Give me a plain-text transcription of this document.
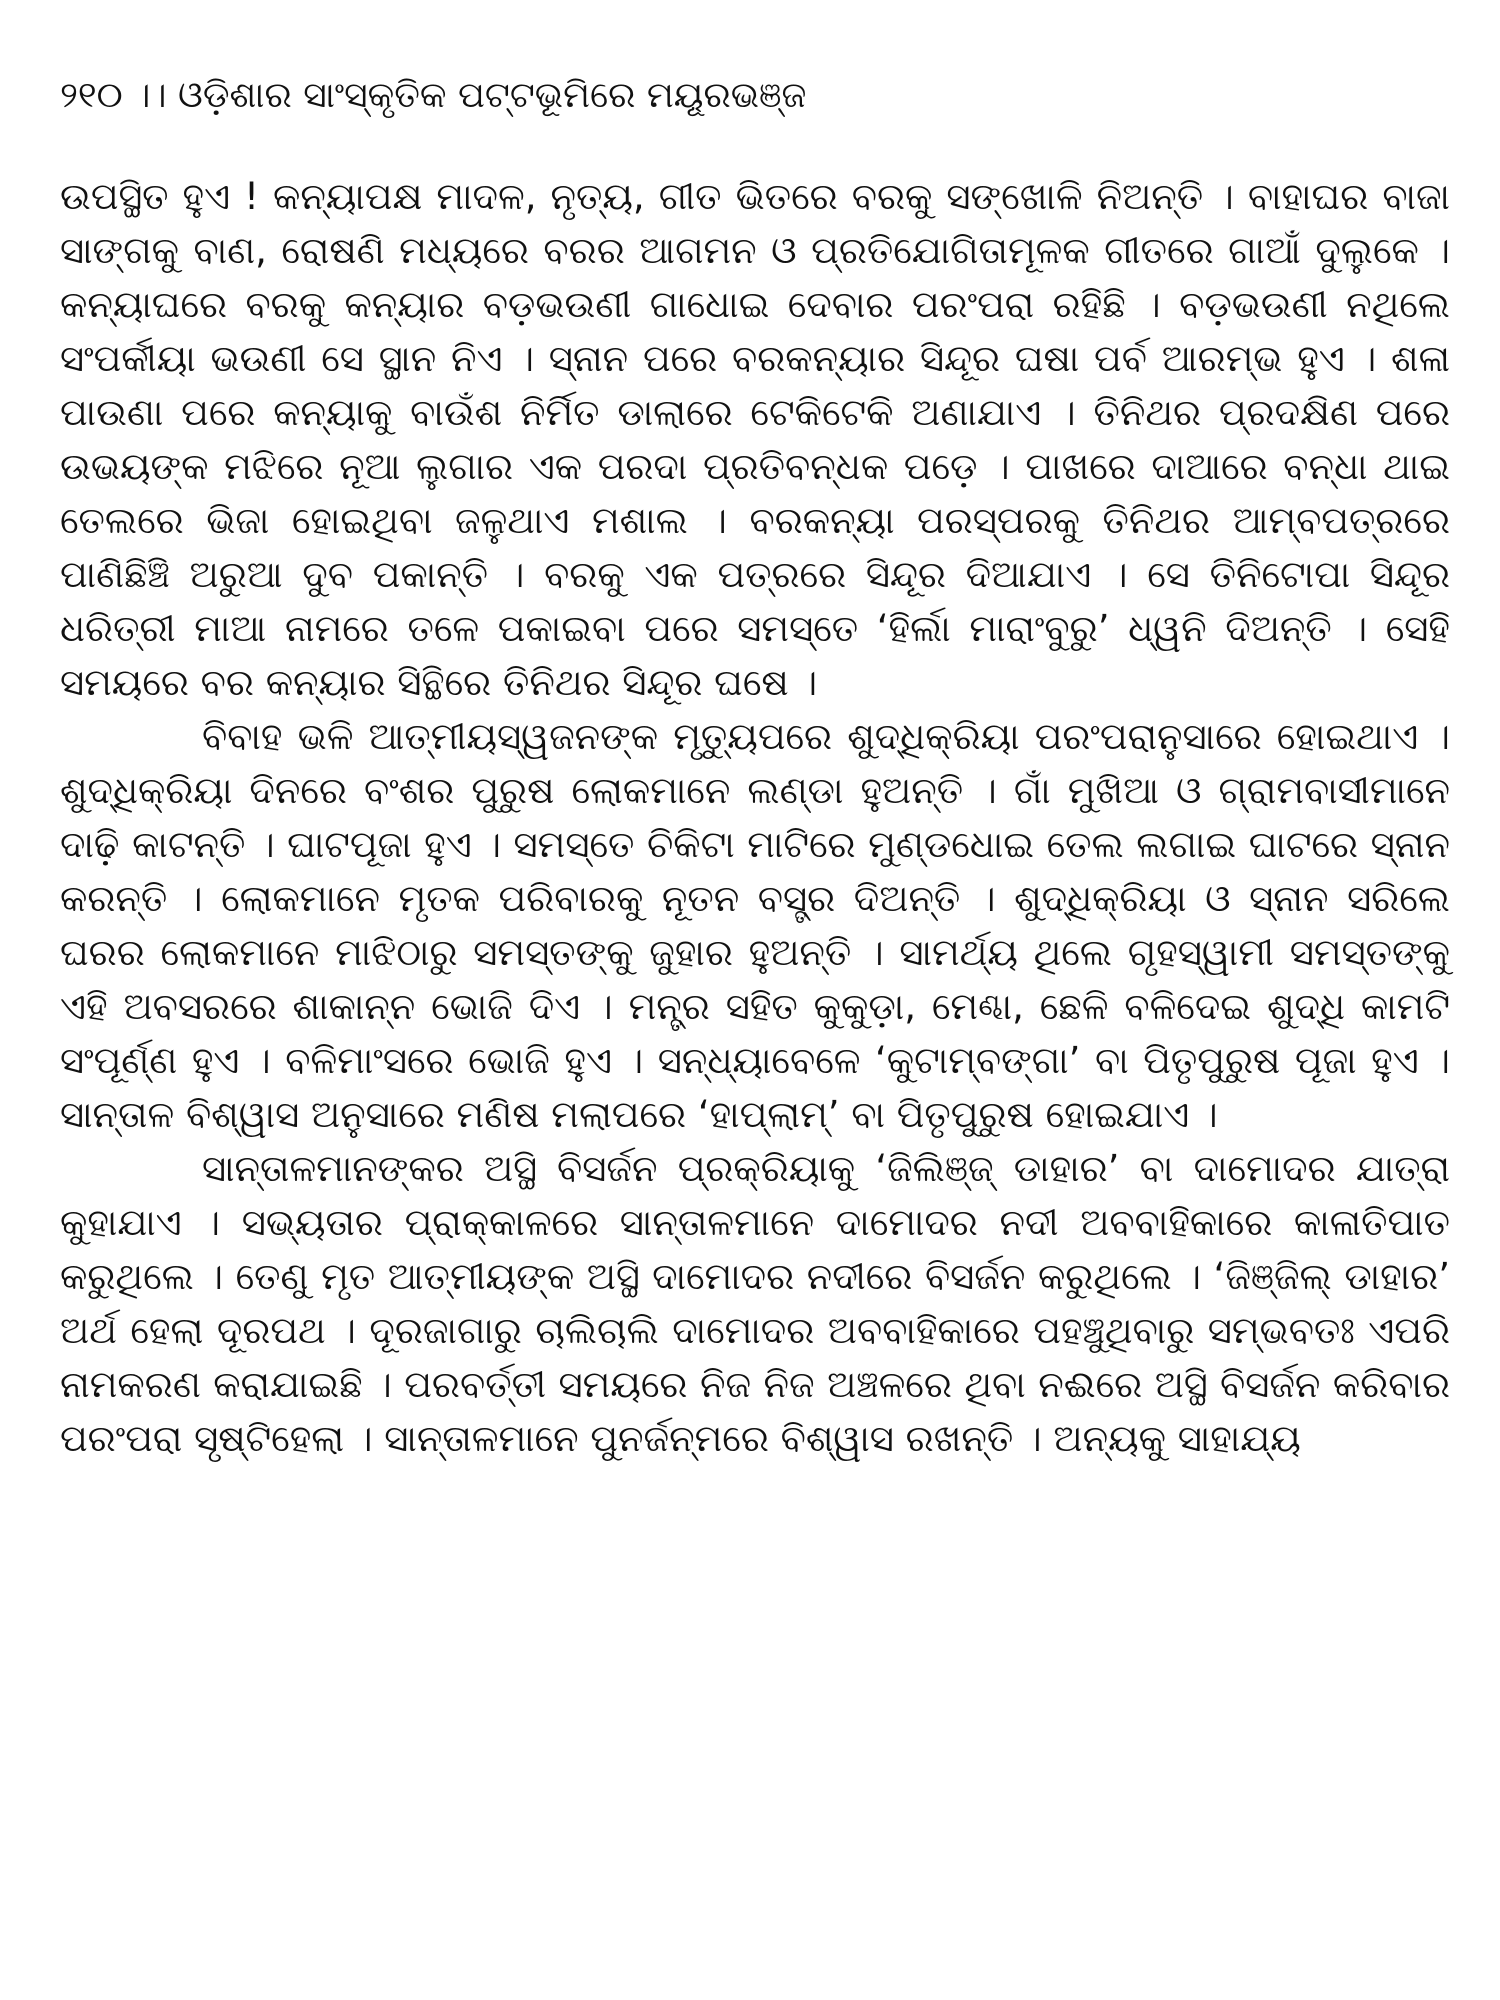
୨୧୦ ।। ଓଡ଼ିଶାର ସାଂସ୍କୃତିକ ପଟ୍ଟଭୂମିରେ ମୟୂରଭଞ୍ଜ

ଉପସ୍ଥିତ ହୁଏ ! କନ୍ୟାପକ୍ଷ ମାଦଳ, ନୃତ୍ୟ, ଗୀତ ଭିତରେ ବରକୁ ସଙ୍ଖୋଳି ନିଅନ୍ତି । ବାହାଘର ବାଜା ସାଙ୍ଗକୁ ବାଣ, ରୋଷଣି ମଧ୍ୟରେ ବରର ଆଗମନ ଓ ପ୍ରତିଯୋଗିତାମୂଳକ ଗୀତରେ ଗାଆଁ ଦୁଲୁକେ । କନ୍ୟାଘରେ ବରକୁ କନ୍ୟାର ବଡ଼ଭଉଣୀ ଗାଧୋଇ ଦେବାର ପରଂପରା ରହିଛି । ବଡ଼ଭଉଣୀ ନଥିଲେ ସଂପର୍କୀୟା ଭଉଣୀ ସେ ସ୍ଥାନ ନିଏ । ସ୍ନାନ ପରେ ବରକନ୍ୟାର ସିନ୍ଦୂର ଘଷା ପର୍ବ ଆରମ୍ଭ ହୁଏ । ଶଳା ପାଉଣା ପରେ କନ୍ୟାକୁ ବାଉଁଶ ନିର୍ମିତ ଡାଲାରେ ଟେକିଟେକି ଅଣାଯାଏ । ତିନିଥର ପ୍ରଦକ୍ଷିଣ ପରେ ଉଭୟଙ୍କ ମଝିରେ ନୂଆ ଲୁଗାର ଏକ ପରଦା ପ୍ରତିବନ୍ଧକ ପଡ଼େ । ପାଖରେ ଦାଆରେ ବନ୍ଧା ଥାଇ ତେଲରେ ଭିଜା ହୋଇଥିବା ଜଳୁଥାଏ ମଶାଲ । ବରକନ୍ୟା ପରସ୍ପରକୁ ତିନିଥର ଆମ୍ବପତ୍ରରେ ପାଣିଛିଞ୍ଚି ଅରୁଆ ଦୁବ ପକାନ୍ତି । ବରକୁ ଏକ ପତ୍ରରେ ସିନ୍ଦୂର ଦିଆଯାଏ । ସେ ତିନିଟୋପା ସିନ୍ଦୂର ଧରିତ୍ରୀ ମାଆ ନାମରେ ତଳେ ପକାଇବା ପରେ ସମସ୍ତେ ‘ହିର୍ଲା ମାରାଂବୁରୁ’ ଧ୍ୱନି ଦିଅନ୍ତି । ସେହି ସମୟରେ ବର କନ୍ୟାର ସିନ୍ଥିରେ ତିନିଥର ସିନ୍ଦୂର ଘଷେ ।

ବିବାହ ଭଳି ଆତ୍ମୀୟସ୍ୱଜନଙ୍କ ମୃତ୍ୟୁପରେ ଶୁଦ୍ଧିକ୍ରିୟା ପରଂପରାନୁସାରେ ହୋଇଥାଏ । ଶୁଦ୍ଧିକ୍ରିୟା ଦିନରେ ବଂଶର ପୁରୁଷ ଲୋକମାନେ ଲଣ୍ଡା ହୁଅନ୍ତି । ଗାଁ ମୁଖିଆ ଓ ଗ୍ରାମବାସୀମାନେ ଦାଢ଼ି କାଟନ୍ତି । ଘାଟପୂଜା ହୁଏ । ସମସ୍ତେ ଚିକିଟା ମାଟିରେ ମୁଣ୍ଡଧୋଇ ତେଲ ଲଗାଇ ଘାଟରେ ସ୍ନାନ କରନ୍ତି । ଲୋକମାନେ ମୃତକ ପରିବାରକୁ ନୂତନ ବସ୍ତ୍ର ଦିଅନ୍ତି । ଶୁଦ୍ଧିକ୍ରିୟା ଓ ସ୍ନାନ ସରିଲେ ଘରର ଲୋକମାନେ ମାଝିଠାରୁ ସମସ୍ତଙ୍କୁ ଜୁହାର ହୁଅନ୍ତି । ସାମର୍ଥ୍ୟ ଥିଲେ ଗୃହସ୍ୱାମୀ ସମସ୍ତଙ୍କୁ ଏହି ଅବସରରେ ଶାକାନ୍ନ ଭୋଜି ଦିଏ । ମନ୍ତ୍ର ସହିତ କୁକୁଡ଼ା, ମେଣ୍ଢା, ଛେଳି ବଳିଦେଇ ଶୁଦ୍ଧି କାମଟି ସଂପୂର୍ଣ୍ଣ ହୁଏ । ବଳିମାଂସରେ ଭୋଜି ହୁଏ । ସନ୍ଧ୍ୟାବେଳେ ‘କୁଟାମ୍‌ବଙ୍ଗା’ ବା ପିତୃପୁରୁଷ ପୂଜା ହୁଏ । ସାନ୍ତାଳ ବିଶ୍ୱାସ ଅନୁସାରେ ମଣିଷ ମଲାପରେ ‘ହାପ୍‌ଲାମ୍’ ବା ପିତୃପୁରୁଷ ହୋଇଯାଏ ।

ସାନ୍ତାଳମାନଙ୍କର ଅସ୍ଥି ବିସର୍ଜନ ପ୍ରକ୍ରିୟାକୁ ‘ଜିଲିଞ୍ଜ୍ ଡାହାର’ ବା ଦାମୋଦର ଯାତ୍ରା କୁହାଯାଏ । ସଭ୍ୟତାର ପ୍ରାକ୍‌କାଳରେ ସାନ୍ତାଳମାନେ ଦାମୋଦର ନଦୀ ଅବବାହିକାରେ କାଳାତିପାତ କରୁଥିଲେ । ତେଣୁ ମୃତ ଆତ୍ମୀୟଙ୍କ ଅସ୍ଥି ଦାମୋଦର ନଦୀରେ ବିସର୍ଜନ କରୁଥିଲେ । ‘ଜିଞ୍ଜିଲ୍ ଡାହାର’ ଅର୍ଥ ହେଲା ଦୂରପଥ । ଦୂରଜାଗାରୁ ଚାଲିଚାଲି ଦାମୋଦର ଅବବାହିକାରେ ପହଞ୍ଚୁଥିବାରୁ ସମ୍ଭବତଃ ଏପରି ନାମକରଣ କରାଯାଇଛି । ପରବର୍ତ୍ତୀ ସମୟରେ ନିଜ ନିଜ ଅଞ୍ଚଳରେ ଥିବା ନଈରେ ଅସ୍ଥି ବିସର୍ଜନ କରିବାର ପରଂପରା ସୃଷ୍ଟିହେଲା । ସାନ୍ତାଳମାନେ ପୁନର୍ଜନ୍ମରେ ବିଶ୍ୱାସ ରଖନ୍ତି । ଅନ୍ୟକୁ ସାହାଯ୍ୟ
